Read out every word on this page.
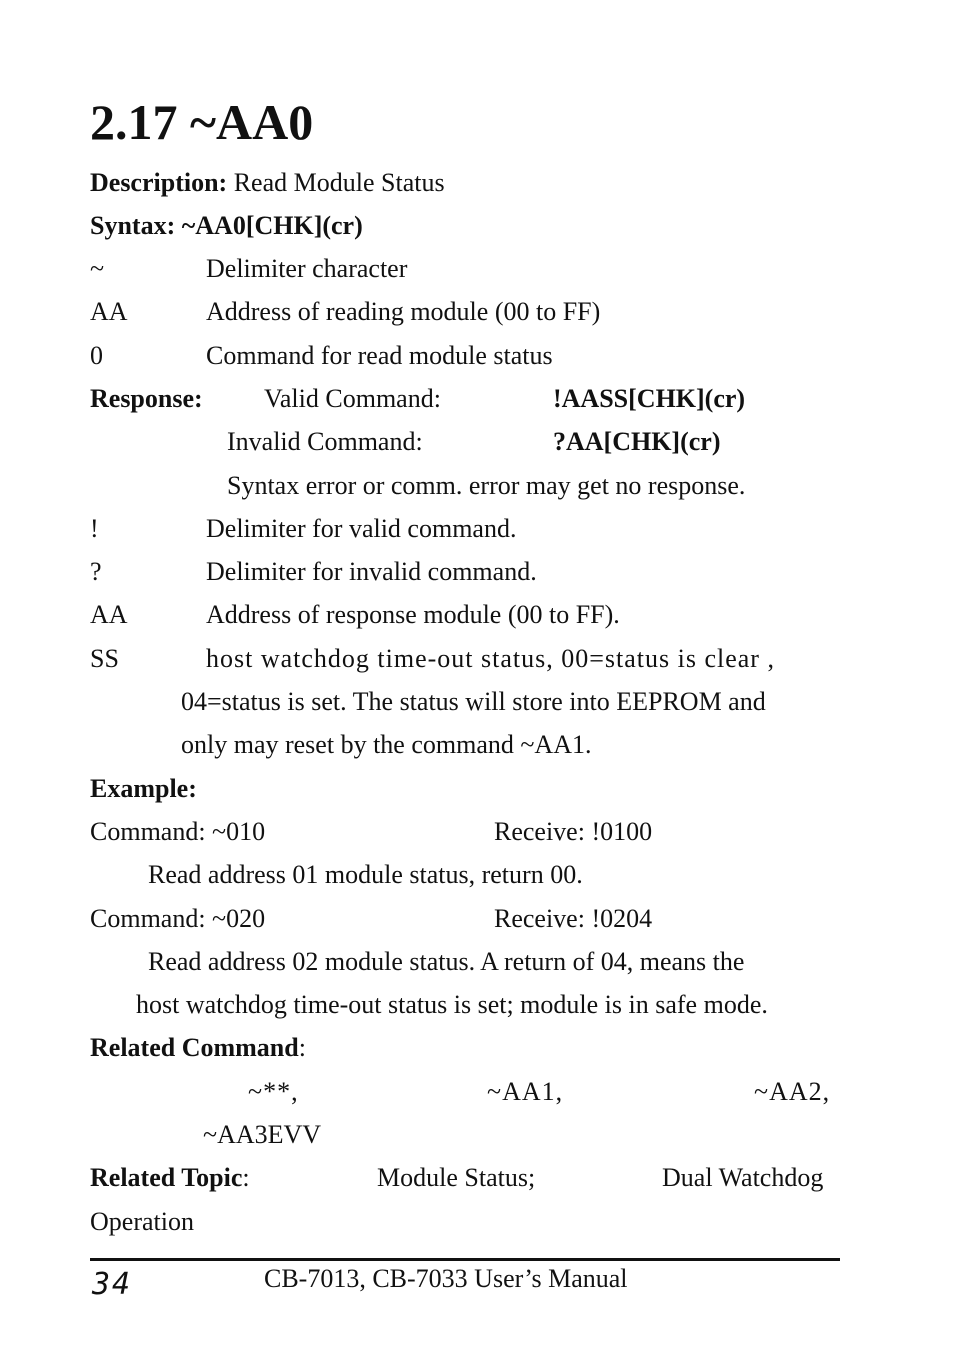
2.17 ~AA0
Description: Read Module Status
Syntax: ~AA0[CHK](cr)
~	Delimiter character
AA	Address of reading module (00 to FF)
0	Command for read module status
Response: Valid Command:	!AASS[CHK](cr)
Invalid Command:	?AA[CHK](cr)
Syntax error or comm. error may get no response.
!	Delimiter for valid command.
?	Delimiter for invalid command.
AA	Address of response module (00 to FF).
SS	host watchdog time-out status, 00=status is clear ,
04=status is set. The status will store into EEPROM and
only may reset by the command ~AA1.
Example:
Command: ~010	Receive: !0100
Read address 01 module status, return 00.
Command: ~020	Receive: !0204
Read address 02 module status. A return of 04, means the
host watchdog time-out status is set; module is in safe mode.
Related Command:
~**,	~AA1,	~AA2,
~AA3EVV
Related Topic:	Module Status;	Dual Watchdog
Operation
34	CB-7013, CB-7033 User’s Manual
